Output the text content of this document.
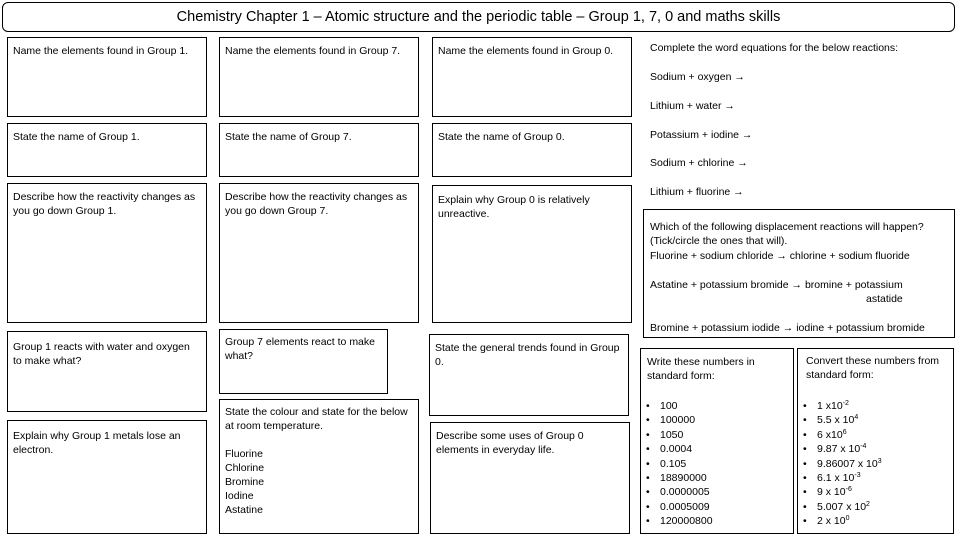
Chemistry Chapter 1 – Atomic structure and the periodic table – Group 1, 7, 0 and maths skills
Name the elements found in Group 1.
State the name of Group 1.
Describe how the reactivity changes as you go down Group 1.
Group 1 reacts with water and oxygen to make what?
Explain why Group 1 metals lose an electron.
Name the elements found in Group 7.
State the name of Group 7.
Describe how the reactivity changes as you go down Group 7.
Group 7 elements react to make what?
State the colour and state for the below at room temperature.
Fluorine
Chlorine
Bromine
Iodine
Astatine
Name the elements found in Group 0.
State the name of Group 0.
Explain why Group 0 is relatively unreactive.
State the general trends found in Group 0.
Describe some uses of Group 0 elements in everyday life.
Complete the word equations for the below reactions:
Sodium + oxygen →
Lithium + water →
Potassium + iodine →
Sodium + chlorine →
Lithium + fluorine →
Which of the following displacement reactions will happen? (Tick/circle the ones that will).
Fluorine + sodium chloride → chlorine + sodium fluoride
Astatine + potassium bromide → bromine + potassium
astatide
Bromine + potassium iodide → iodine + potassium bromide
Write these numbers in standard form:
• 100
• 100000
• 1050
• 0.0004
• 0.105
• 18890000
• 0.0000005
• 0.0005009
• 120000800
Convert these numbers from standard form:
• 1 $x10^{-2}$
• 5.5 x $10^4$
• 6 $x10^6$
• 9.87 x $10^{-4}$
• 9.86007 x $10^3$
• 6.1 x $10^{-3}$
• 9 x $10^{-6}$
• 5.007 x $10^2$
• 2 x $10^0$
